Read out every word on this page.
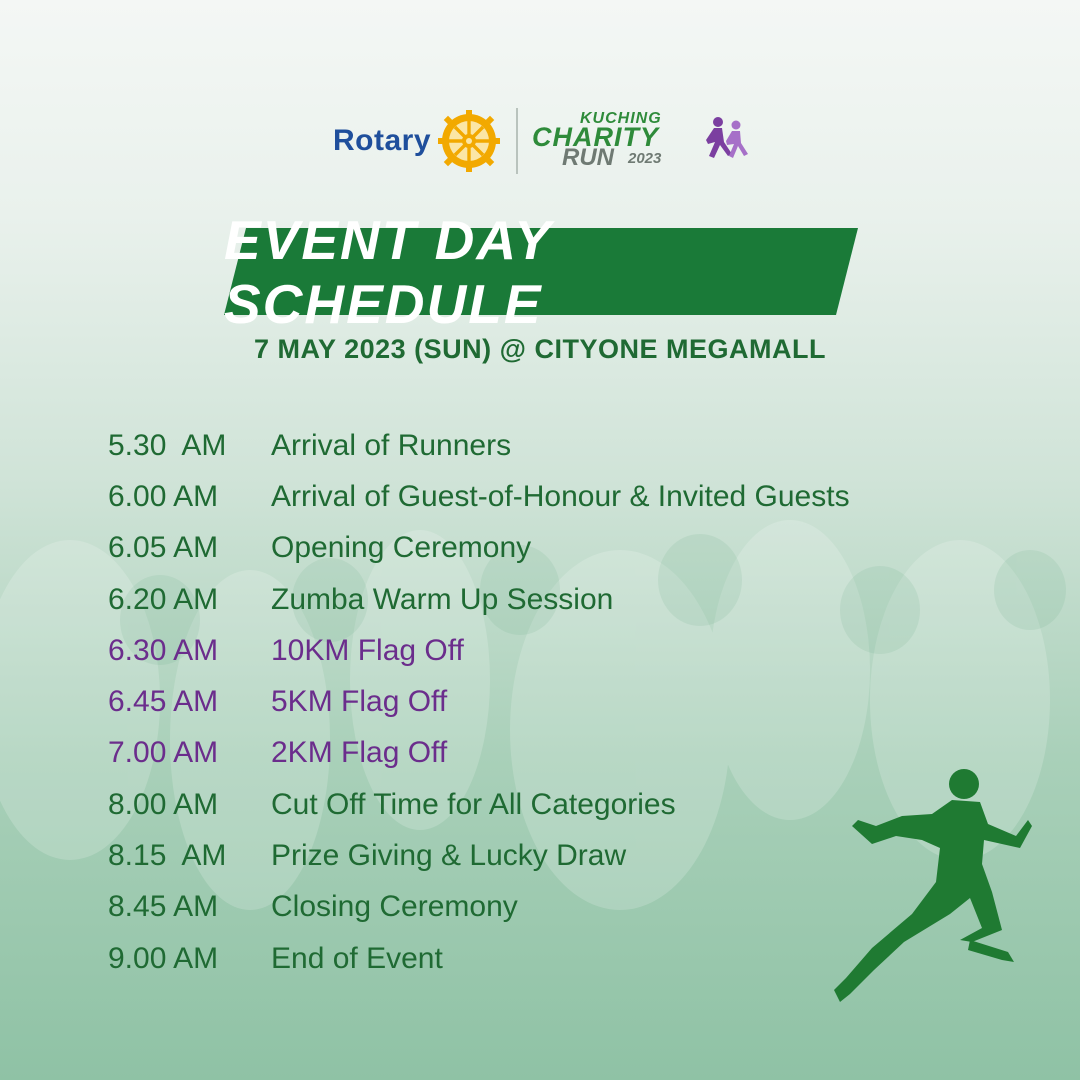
Rotary
KUCHING
CHARITY
RUN 2023
EVENT DAY SCHEDULE
7 MAY 2023 (SUN) @ CITYONE MEGAMALL
5.30  AM	Arrival of Runners
6.00 AM	Arrival of Guest-of-Honour & Invited Guests
6.05 AM	Opening Ceremony
6.20 AM	Zumba Warm Up Session
6.30 AM	10KM Flag Off
6.45 AM	5KM Flag Off
7.00 AM	2KM Flag Off
8.00 AM	Cut Off Time for All Categories
8.15  AM	Prize Giving & Lucky Draw
8.45 AM	Closing Ceremony
9.00 AM	End of Event
